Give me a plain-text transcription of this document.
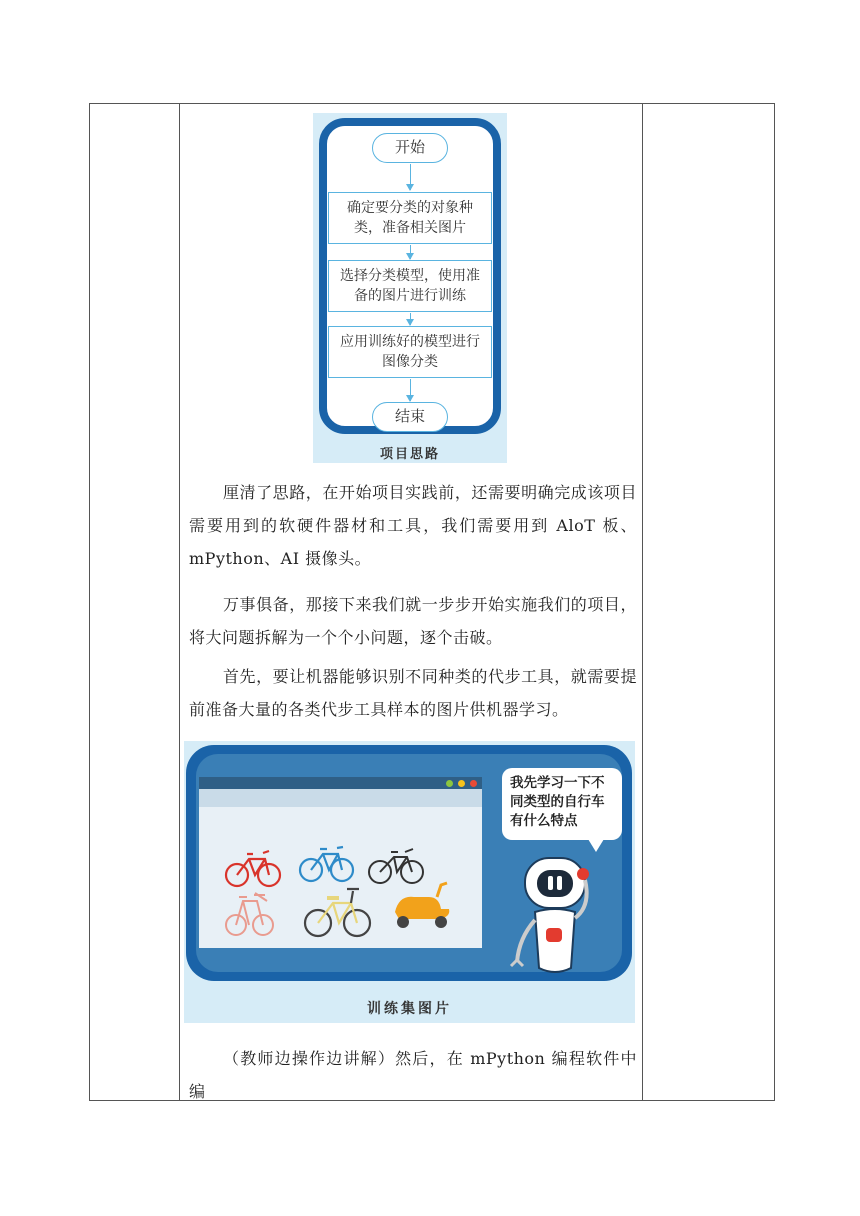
开始
确定要分类的对象种类，准备相关图片
选择分类模型，使用准备的图片进行训练
应用训练好的模型进行图像分类
结束
项目思路

厘清了思路，在开始项目实践前，还需要明确完成该项目需要用到的软硬件器材和工具，我们需要用到 AloT 板、mPython、AI 摄像头。

万事俱备，那接下来我们就一步步开始实施我们的项目，将大问题拆解为一个个小问题，逐个击破。

首先，要让机器能够识别不同种类的代步工具，就需要提前准备大量的各类代步工具样本的图片供机器学习。

我先学习一下不同类型的自行车有什么特点
训练集图片

（教师边操作边讲解）然后，在 mPython 编程软件中编
